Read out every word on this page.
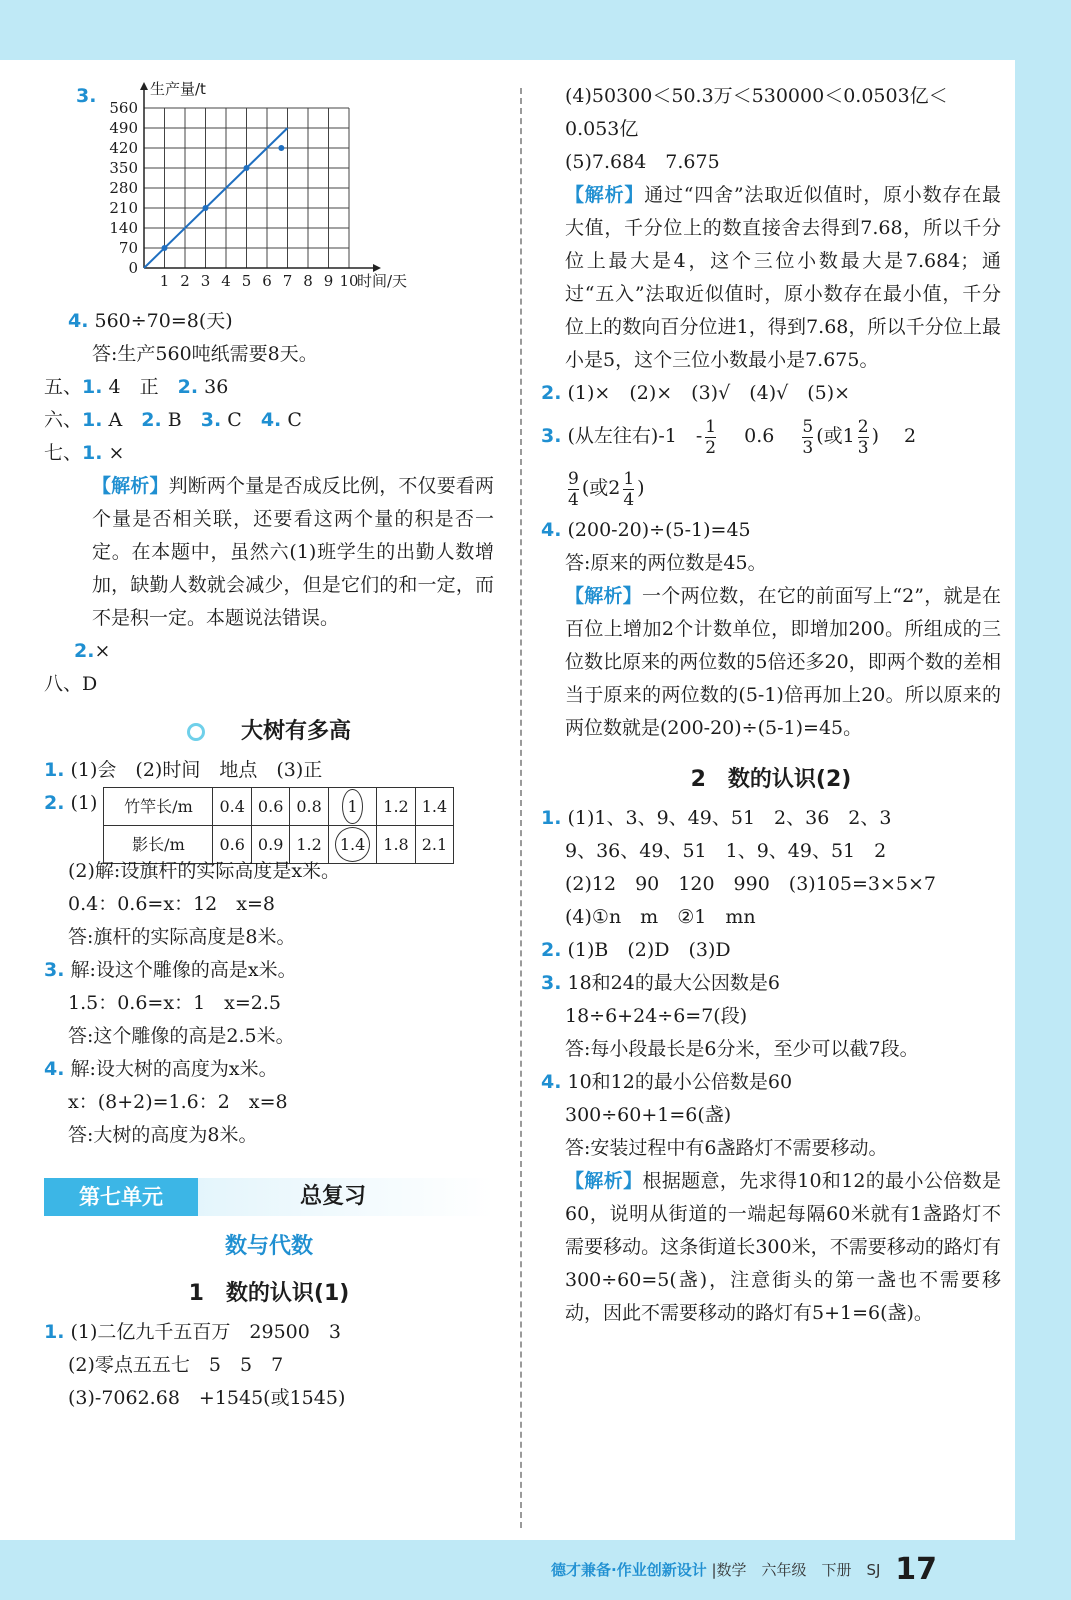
3.
0
70
140
210
280
350
420
490
560
1 2 3 4 5 6 7 8 9 10
生产量/t
时间/天
4. 560÷70=8(天)
答:生产560吨纸需要8天。
五、1. 4　正　 2. 36
六、1. A　 2. B　 3. C　 4. C
七、1. ×
【解析】判断两个量是否成反比例，不仅要看两个量是否相关联，还要看这两个量的积是否一定。在本题中，虽然六(1)班学生的出勤人数增加，缺勤人数就会减少，但是它们的和一定，而不是积一定。本题说法错误。
2.×
八、D
大树有多高
1. (1)会　(2)时间　地点　(3)正
2. (1) 竹竿长/m	0.4	0.6	0.8	1	1.2	1.4
影长/m	0.6	0.9	1.2	1.4	1.8	2.1
(2)解:设旗杆的实际高度是x米。
0.4：0.6=x：12　x=8
答:旗杆的实际高度是8米。
3. 解:设这个雕像的高是x米。
1.5：0.6=x：1　x=2.5
答:这个雕像的高是2.5米。
4. 解:设大树的高度为x米。
x：(8+2)=1.6：2　x=8
答:大树的高度为8米。
第七单元	总复习
数与代数
1　数的认识(1)
1. (1)二亿九千五百万　29500　3
(2)零点五五七　5　5　7
(3)-7062.68　+1545(或1545)
(4)50300＜50.3万＜530000＜0.0503亿＜
0.053亿
(5)7.684　7.675
【解析】通过“四舍”法取近似值时，原小数存在最大值，千分位上的数直接舍去得到7.68，所以千分位上最大是4，这个三位小数最大是7.684；通过“五入”法取近似值时，原小数存在最小值，千分位上的数向百分位进1，得到7.68，所以千分位上最小是5，这个三位小数最小是7.675。
2. (1)×　(2)×　(3)√　(4)√　(5)×
3. (从左往右)-1　- $\frac{1}{2}$
　 0.6　 $\frac{5}{3}$ (或$1 \frac{2}{3}$ ) 　 2
$\frac{9}{4}$ (或$2 \frac{1}{4}$ )
4. (200-20)÷(5-1)=45
答:原来的两位数是45。
【解析】一个两位数，在它的前面写上“2”，就是在百位上增加2个计数单位，即增加200。所组成的三位数比原来的两位数的5倍还多20，即两个数的差相当于原来的两位数的(5-1)倍再加上20。所以原来的两位数就是(200-20)÷(5-1)=45。
2　数的认识(2)
1. (1)1、3、9、49、51　2、36　2、3
9、36、49、51　1、9、49、51　2
(2)12　90　120　990　(3)105=3×5×7
(4)①n　m　②1　mn
2. (1)B　(2)D　(3)D
3. 18和24的最大公因数是6
18÷6+24÷6=7(段)
答:每小段最长是6分米，至少可以截7段。
4. 10和12的最小公倍数是60
300÷60+1=6(盏)
答:安装过程中有6盏路灯不需要移动。
【解析】根据题意，先求得10和12的最小公倍数是60，说明从街道的一端起每隔60米就有1盏路灯不需要移动。这条街道长300米，不需要移动的路灯有300÷60=5(盏)，注意街头的第一盏也不需要移动，因此不需要移动的路灯有5+1=6(盏)。
德才兼备·作业创新设计 |数学　六年级　下册　SJ 17
